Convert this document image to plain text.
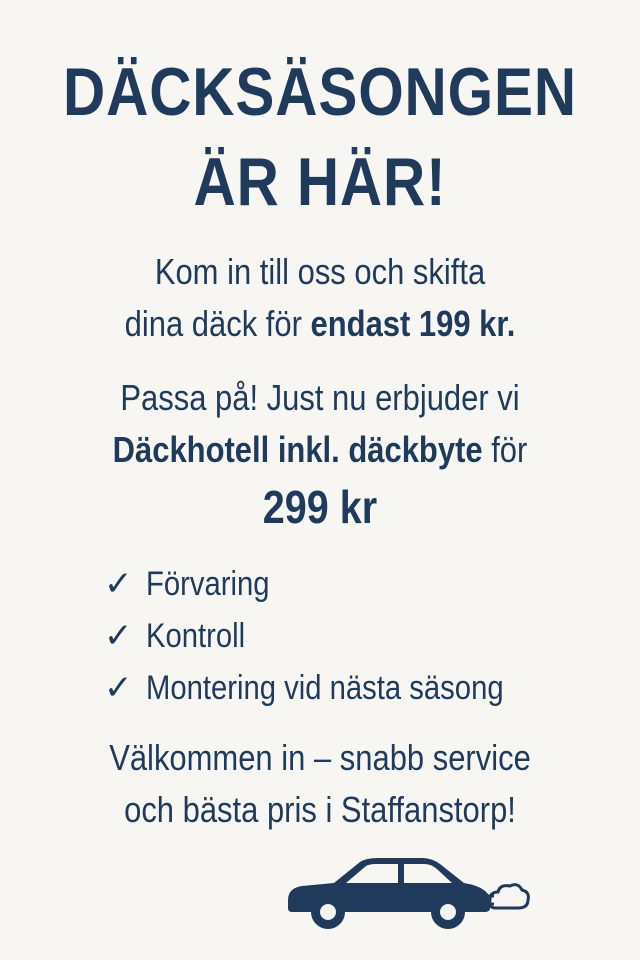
DÄCKSÄSONGEN
ÄR HÄR!
Kom in till oss och skifta
dina däck för endast 199 kr.
Passa på! Just nu erbjuder vi
Däckhotell inkl. däckbyte för
299 kr
✓ Förvaring
✓ Kontroll
✓ Montering vid nästa säsong
Välkommen in – snabb service
och bästa pris i Staffanstorp!
